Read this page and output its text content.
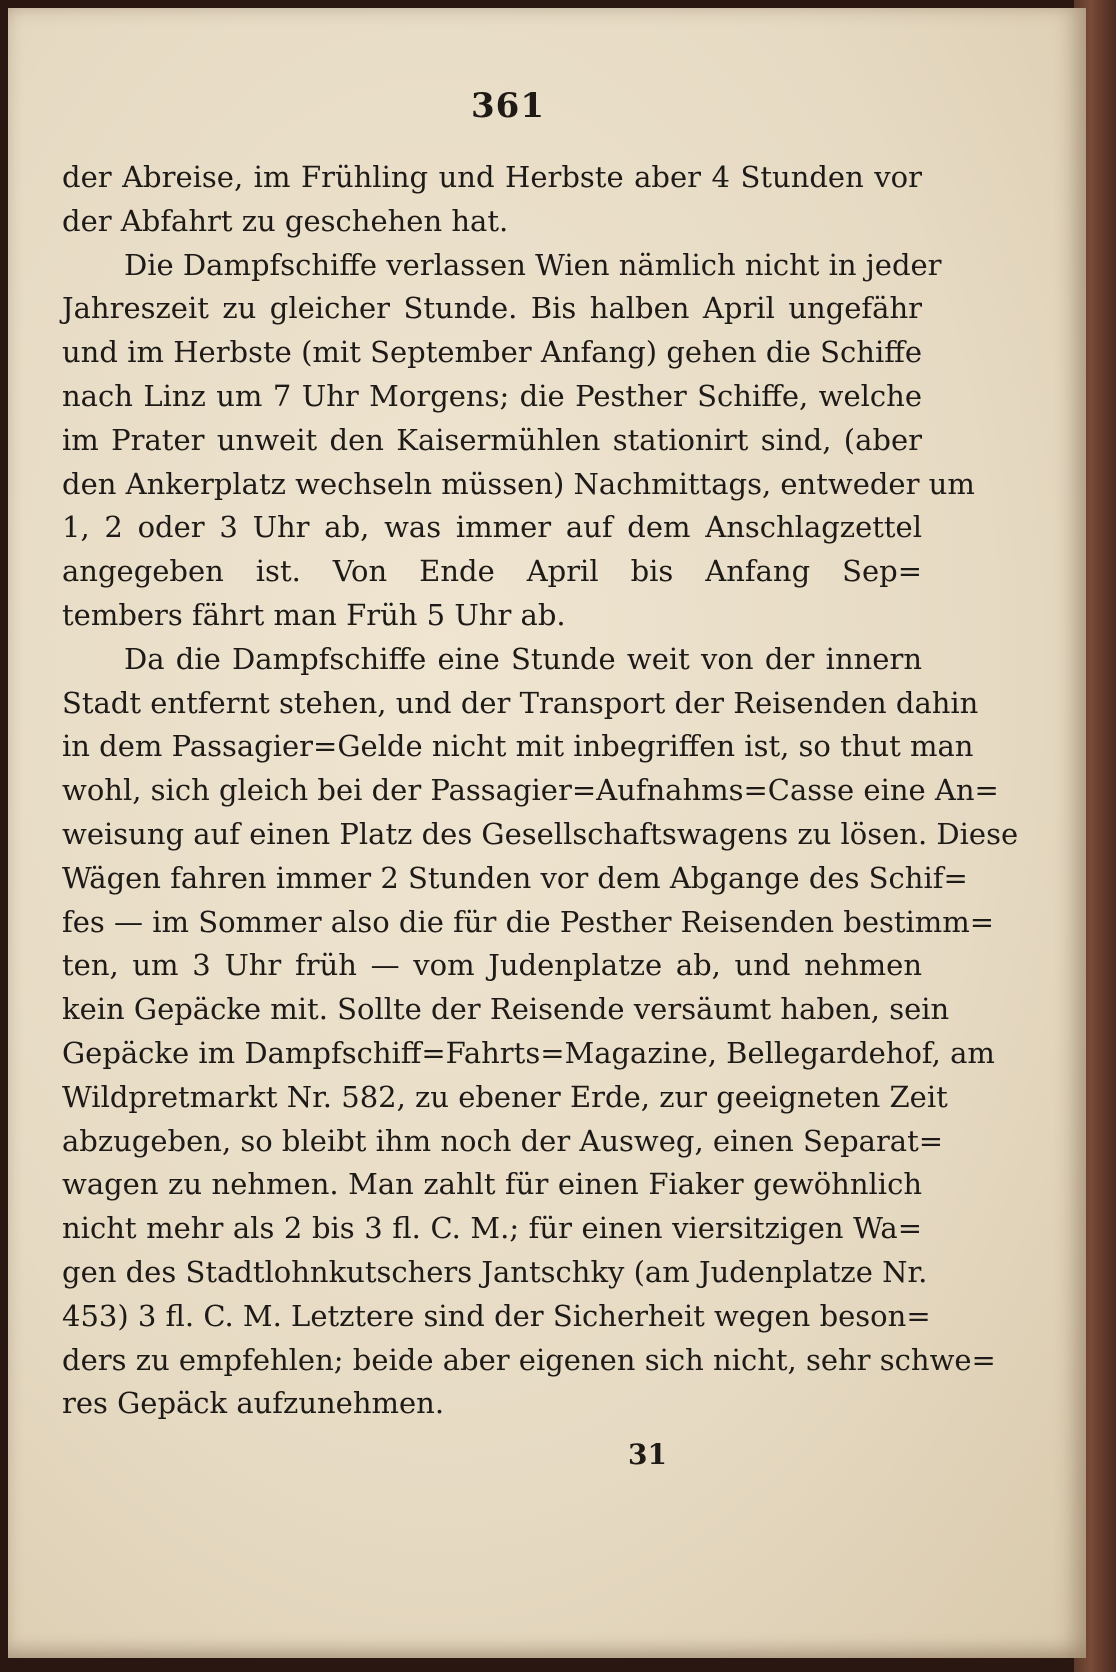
361
der Abreise, im Frühling und Herbste aber 4 Stunden vor
der Abfahrt zu geschehen hat.
Die Dampfschiffe verlassen Wien nämlich nicht in jeder
Jahreszeit zu gleicher Stunde. Bis halben April ungefähr
und im Herbste (mit September Anfang) gehen die Schiffe
nach Linz um 7 Uhr Morgens; die Pesther Schiffe, welche
im Prater unweit den Kaisermühlen stationirt sind, (aber
den Ankerplatz wechseln müssen) Nachmittags, entweder um
1, 2 oder 3 Uhr ab, was immer auf dem Anschlagzettel
angegeben ist. Von Ende April bis Anfang Sep=
tembers fährt man Früh 5 Uhr ab.
Da die Dampfschiffe eine Stunde weit von der innern
Stadt entfernt stehen, und der Transport der Reisenden dahin
in dem Passagier=Gelde nicht mit inbegriffen ist, so thut man
wohl, sich gleich bei der Passagier=Aufnahms=Casse eine An=
weisung auf einen Platz des Gesellschaftswagens zu lösen. Diese
Wägen fahren immer 2 Stunden vor dem Abgange des Schif=
fes — im Sommer also die für die Pesther Reisenden bestimm=
ten, um 3 Uhr früh — vom Judenplatze ab, und nehmen
kein Gepäcke mit. Sollte der Reisende versäumt haben, sein
Gepäcke im Dampfschiff=Fahrts=Magazine, Bellegardehof, am
Wildpretmarkt Nr. 582, zu ebener Erde, zur geeigneten Zeit
abzugeben, so bleibt ihm noch der Ausweg, einen Separat=
wagen zu nehmen. Man zahlt für einen Fiaker gewöhnlich
nicht mehr als 2 bis 3 fl. C. M.; für einen viersitzigen Wa=
gen des Stadtlohnkutschers Jantschky (am Judenplatze Nr.
453) 3 fl. C. M. Letztere sind der Sicherheit wegen beson=
ders zu empfehlen; beide aber eigenen sich nicht, sehr schwe=
res Gepäck aufzunehmen.
31
